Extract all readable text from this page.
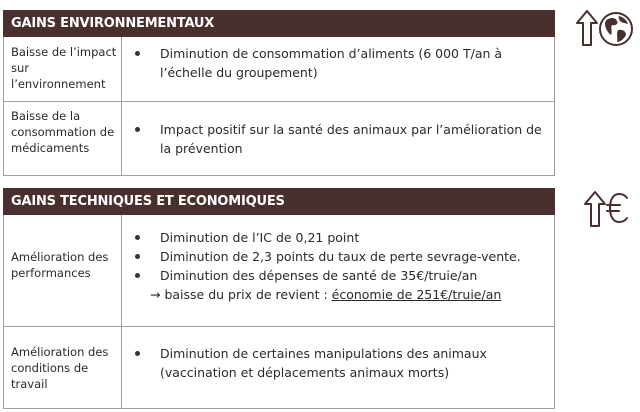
GAINS ENVIRONNEMENTAUX
Baisse de l’impact sur l’environnement
Diminution de consommation d’aliments (6 000 T/an à l’échelle du groupement)
Baisse de la consommation de médicaments
Impact positif sur la santé des animaux par l’amélioration de la prévention
GAINS TECHNIQUES ET ECONOMIQUES
Amélioration des performances
Diminution de l’IC de 0,21 point
Diminution de 2,3 points du taux de perte sevrage-vente.
Diminution des dépenses de santé de 35€/truie/an
→ baisse du prix de revient : économie de 251€/truie/an
Amélioration des conditions de travail
Diminution de certaines manipulations des animaux (vaccination et déplacements animaux morts)
